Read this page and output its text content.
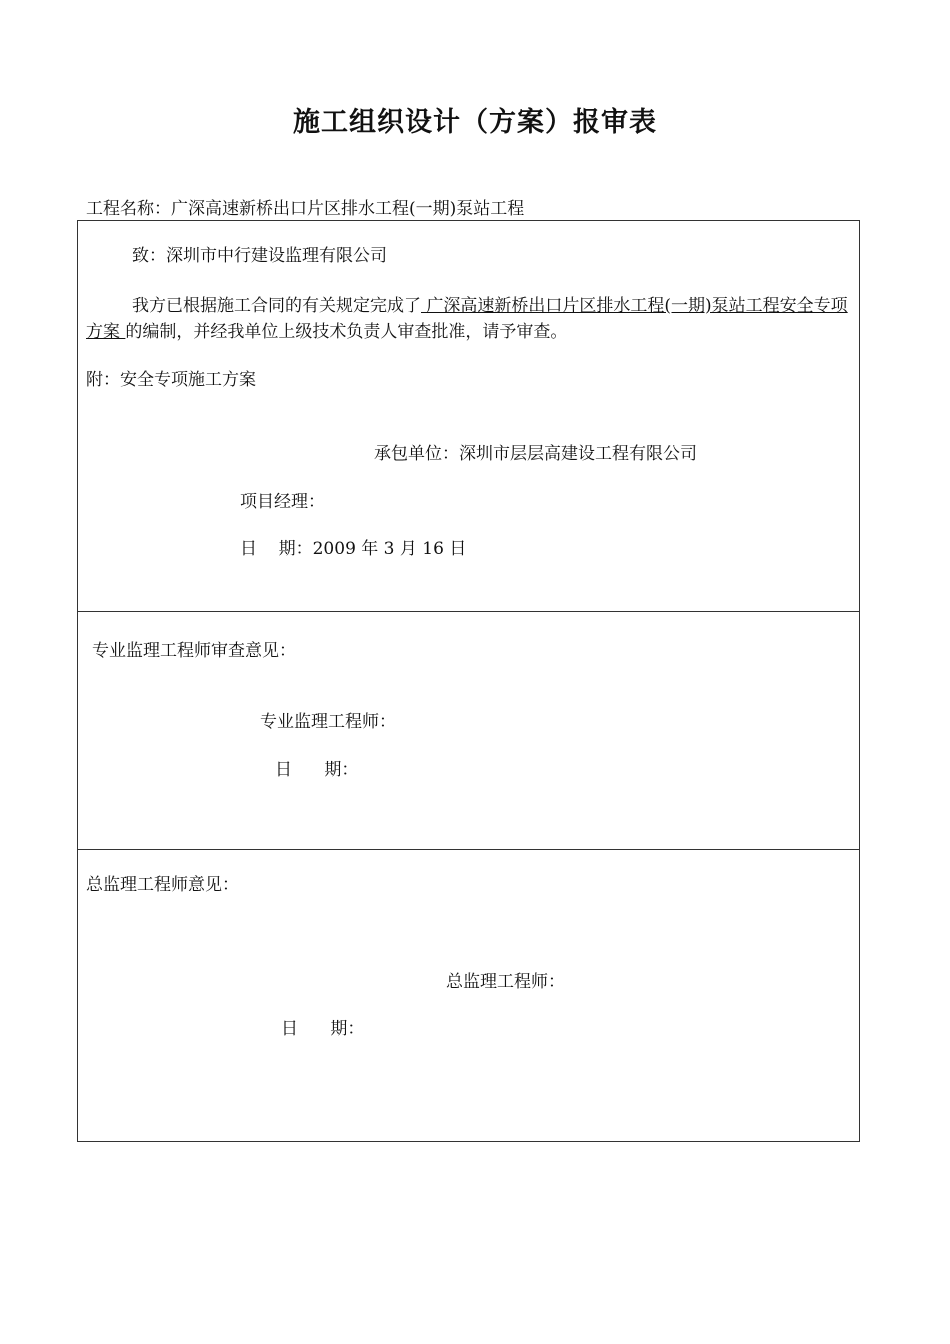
施工组织设计（方案）报审表
工程名称：广深高速新桥出口片区排水工程(一期)泵站工程
致：深圳市中行建设监理有限公司
我方已根据施工合同的有关规定完成了 广深高速新桥出口片区排水工程(一期)泵站工程安全专项方案 的编制，并经我单位上级技术负责人审查批准，请予审查。
附：安全专项施工方案
承包单位：深圳市层层高建设工程有限公司
项目经理：
日    期：2009 年 3 月 16 日
专业监理工程师审查意见：
专业监理工程师：
日      期：
总监理工程师意见：
总监理工程师：
日      期：
